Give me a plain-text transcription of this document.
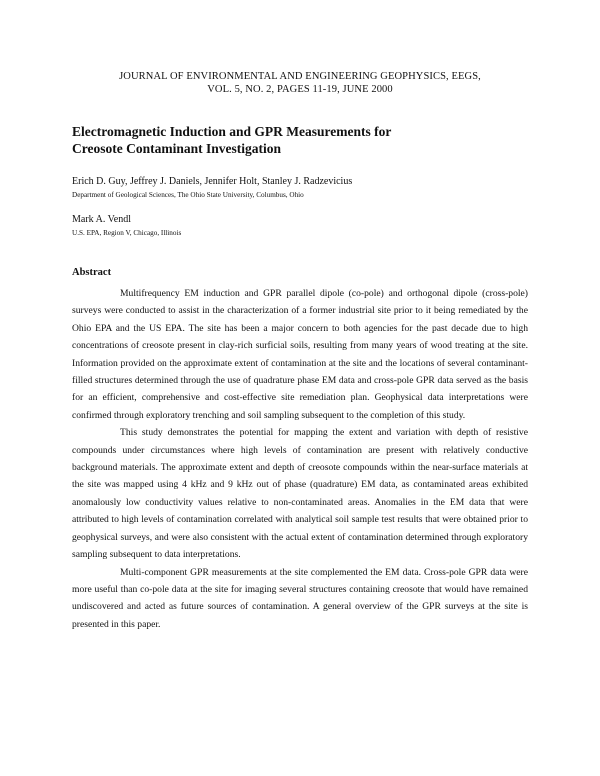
JOURNAL OF ENVIRONMENTAL AND ENGINEERING GEOPHYSICS, EEGS,
VOL. 5, NO. 2, PAGES 11-19, JUNE 2000
Electromagnetic Induction and GPR Measurements for
Creosote Contaminant Investigation
Erich D. Guy, Jeffrey J. Daniels, Jennifer Holt, Stanley J. Radzevicius
Department of Geological Sciences, The Ohio State University, Columbus, Ohio
Mark A. Vendl
U.S. EPA, Region V, Chicago, Illinois
Abstract

Multifrequency EM induction and GPR parallel dipole (co-pole) and orthogonal dipole (cross-pole) surveys were conducted to assist in the characterization of a former industrial site prior to it being remediated by the Ohio EPA and the US EPA. The site has been a major concern to both agencies for the past decade due to high concentrations of creosote present in clay-rich surficial soils, resulting from many years of wood treating at the site. Information provided on the approximate extent of contamination at the site and the locations of several contaminant-filled structures determined through the use of quadrature phase EM data and cross-pole GPR data served as the basis for an efficient, comprehensive and cost-effective site remediation plan. Geophysical data interpretations were confirmed through exploratory trenching and soil sampling subsequent to the completion of this study.

This study demonstrates the potential for mapping the extent and variation with depth of resistive compounds under circumstances where high levels of contamination are present with relatively conductive background materials. The approximate extent and depth of creosote compounds within the near-surface materials at the site was mapped using 4 kHz and 9 kHz out of phase (quadrature) EM data, as contaminated areas exhibited anomalously low conductivity values relative to non-contaminated areas. Anomalies in the EM data that were attributed to high levels of contamination correlated with analytical soil sample test results that were obtained prior to geophysical surveys, and were also consistent with the actual extent of contamination determined through exploratory sampling subsequent to data interpretations.

Multi-component GPR measurements at the site complemented the EM data. Cross-pole GPR data were more useful than co-pole data at the site for imaging several structures containing creosote that would have remained undiscovered and acted as future sources of contamination. A general overview of the GPR surveys at the site is presented in this paper.
